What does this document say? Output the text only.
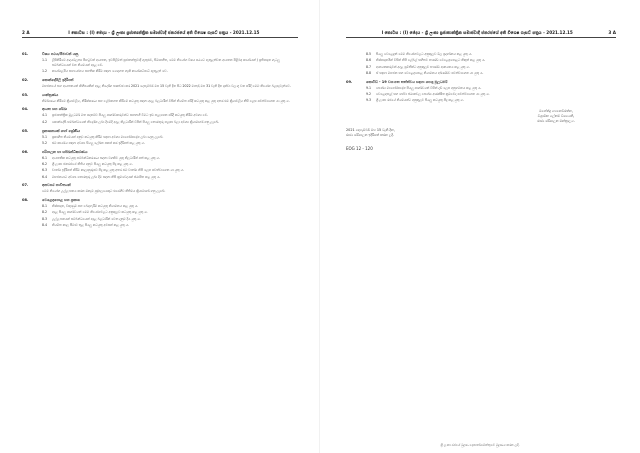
2 A	I කොටස : (I) ඡේදය - ශ්‍රී ලංකා ප්‍රජාතාන්ත්‍රික සමාජවාදී ජනරජයේ අති විශෙෂ ගැසට් පත්‍රය - 2021.12.15
01.	විෂය පථය/සීමාවන් යනු
1.1	ලිපිකිරීමේ ආදායම්ලත්‍ය පිහටුවන් ආයතන, ඉවසිලිමත් ප්‍රජාතන්ත්‍රවාදී ඇතුළුව, සිමාසහිත, මෙම නියෝග විෂය පථයට ඇතුළත්වන ආයතන පිළිබඳ කාර්යයන් / ප්‍රතිපාදන ගැටලු සම්බන්ධයෙන් වන නියමයන් අදාළ වේ.
1.2	කාර්යාලයීය සහයෝගය සහතික කිරීම සඳහා යොදාගත හැකි කාර්යපටිපාටි ඇතුළත් වේ.
02.	කොන්දේසිලි ඉදිරිපත්
මහජනයේ සහ ආයතනයන් කිහිපයකින් අදාළ නිර්දේශ සාකච්ඡා කර 2021 දෙසැම්බර් මස 15 වැනි දින සිට 2022 මාර්තු මස 31 වැනි දින දක්වා වලංගු වන පරිදි මෙම නියෝග බලපැවැත්වේ.
03.	යාන්ත්‍රණය
නිර්මාණය කිරීමේ ක්‍රියාවලිය, නිරීක්ෂණය සහ ලේඛනගත කිරීමේ කටයුතු සඳහා අදාළ බලධාරීන් විසින් නියමිත පරිදි කටයුතු කළ යුතු අතර එම ක්‍රියාවලිය නිසි ලෙස පවත්වාගෙන යා යුතු ය.
04.	ආයත සහ රේඛා
4.1	ප්‍රජාතන්ත්‍රික මූලධර්ම මත පදනම්ව සියලු පාර්ශවකරුවන්ට සහභාගී වීමට ඉඩ සැලසෙන පරිදි කටයුතු කිරීම අවශ්‍ය වේ.
4.2	කොන්දේසි සම්බන්ධයෙන් නිර්දේශ ලබා දීමේදී අදාළ නිලධාරීන් විසින් සියලු තොරතුරු සලකා බලා අවශ්‍ය ක්‍රියාමාර්ග ගනු ලැබේ.
05.	ප්‍රකාශනයක් හෝ ශ්‍රේණිය
5.1	ප්‍රකාශිත නියමයන් අනුව කටයුතු කිරීම සඳහා අවශ්‍ය මාර්ගෝපදේශ ලබා දෙනු ලැබේ.
5.2	එම කාර්යය සඳහා අවශ්‍ය සියලු ලේඛන සකස් කර ඉදිරිපත් කළ යුතු ය.
06.	පරිපාලන හා සම්බන්ධීකරණය
6.1	ආයතනික කටයුතු සම්බන්ධීකරණය සඳහා වගකිව යුතු නිලධාරීන් පත් කළ යුතු ය.
6.2	ශ්‍රී ලංකා ජනරජයේ නීතිය අනුව සියලු කටයුතු සිදු කළ යුතු ය.
6.3	වාර්තා ඉදිරිපත් කිරීම කාලානුරූපව සිදු කළ යුතු අතර එම වාර්තා නිසි ලෙස පවත්වාගෙන යා යුතු ය.
6.4	මහජනයාට අවශ්‍ය තොරතුරු ලබා දීම සඳහා නිසි ක්‍රමවේදයක් ස්ථාපිත කළ යුතු ය.
07.	අනවසර භාවිතයන්
මෙම නියෝග උල්ලංඝනය කරන ඕනෑම පුද්ගලයෙකුට එරෙහිව නීතිමය ක්‍රියාමාර්ග ගනු ලැබේ.
08.	වෙළෙඳපොළ සහ ප්‍රකාශ
8.1	නිෂ්පාදන, විකුණුම් සහ බෙදාහැරීම් කටයුතු නියාමනය කළ යුතු ය.
8.2	අදාළ සියලු පාර්ශවයන් මෙම නියෝගවලට අනුකූලව කටයුතු කළ යුතු ය.
8.3	උල්ලංඝනයන් සම්බන්ධයෙන් අදාළ බලධාරීන් වෙත දැනුම් දිය යුතු ය.
8.4	නියමිත කාල සීමාව තුළ සියලු කටයුතු අවසන් කළ යුතු ය.
I කොටස : (I) ඡේදය - ශ්‍රී ලංකා ප්‍රජාතාන්ත්‍රික සමාජවාදී ජනරජයේ අති විශෙෂ ගැසට් පත්‍රය - 2021.12.15	3 A
8.5	සියලු වෙළෙඳුන් මෙම නියෝගවලට අනුකූලව මිල ප්‍රදර්ශනය කළ යුතු ය.
8.6	නිෂ්පාදකයින් විසින් නිසි ලේබල් සහිතව භාණ්ඩ වෙළෙඳපොළට නිකුත් කළ යුතු ය.
8.7	ආනයනකරුවන් අදාළ ප්‍රමිතීන්ට අනුකූලව භාණ්ඩ ආනයනය කළ යුතු ය.
8.8	ඒ සඳහා මහජන සහ වෙළෙඳපොළ නියාමනය අඛණ්ඩව පවත්වාගෙන යා යුතු ය.
09.	කොවිඩ් - 19 වසංගත තත්ත්වය සඳහා පොදු මූලධර්ම
9.1	සෞඛ්‍ය මාර්ගෝපදේශ සියලු පාර්ශවයන් විසින් දැඩි ලෙස අනුගමනය කළ යුතු ය.
9.2	වෙළෙඳසැල් සහ සේවා ස්ථානවල සෞඛ්‍ය ආරක්ෂිත ක්‍රමවේද පවත්වාගෙන යා යුතු ය.
9.3	ශ්‍රී ලංකා රජයේ නියමයන්ට අනුකූලව සියලු කටයුතු සිදු කළ යුතු ය.
මහේන්ද්‍ර සෙනෙවිරත්න,
විශ්‍රාමික ලේකම් විපයෙකි,
රාජ්‍ය පරිපාලන මන්ත්‍රාලය.
2021 දෙසැම්බර් මස 15 වැනි දින,
රාජ්‍ය පරිපාලන ඉදිරිපත් කරන ලදී.
EOG 12 - 120
ශ්‍රී ලංකා රජයේ මුද්‍රණ දෙපාර්තමේන්තුවේ මුද්‍රණය කරන ලදී.
